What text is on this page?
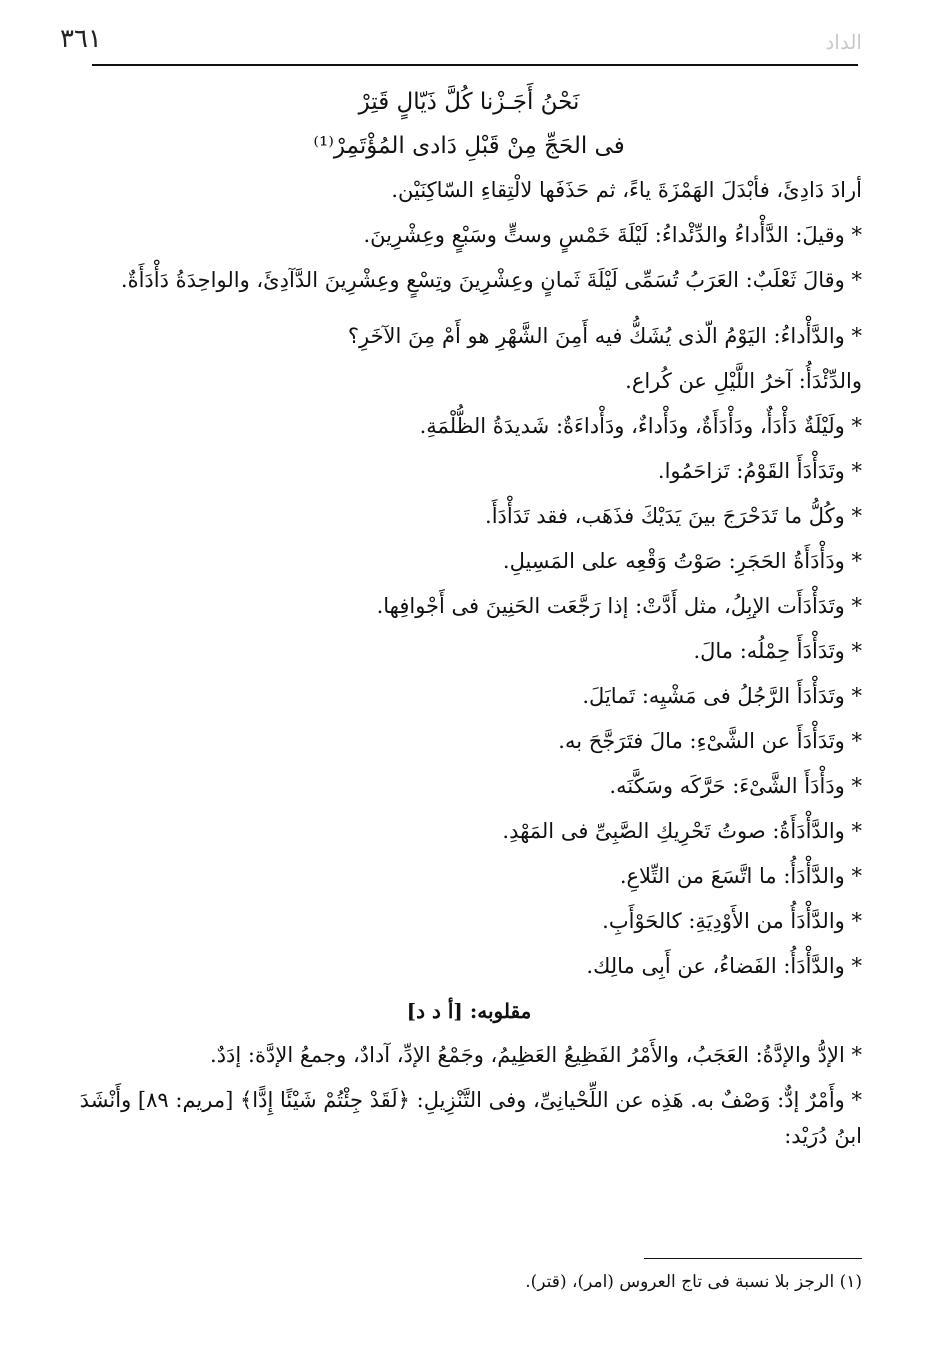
٣٦١	الداد
نَحْنُ أَجَـزْنا كُلَّ ذَيّالٍ قَتِرْ
فى الحَجِّ مِنْ قَبْلِ دَادى المُؤْتَمِرْ⁽¹⁾

أرادَ دَادِئَ، فأبْدَلَ الهَمْزَةَ ياءً، ثم حَذَفَها لالْتِقاءِ السّاكِنَيْن.

* وقيلَ: الدَّأْداءُ والدِّئْداءُ: لَيْلَةَ خَمْسٍ وستٍّ وسَبْعٍ وعِشْرِينَ.

* وقالَ ثَعْلَبٌ: العَرَبُ تُسَمِّى لَيْلَةَ ثَمانٍ وعِشْرِينَ وتِسْعٍ وعِشْرِينَ الدَّآدِئَ، والواحِدَةُ دَأْدَأَةٌ.

* والدَّأْداءُ: اليَوْمُ الّذى يُشَكُّ فيه أَمِنَ الشَّهْرِ هو أَمْ مِنَ الآخَرِ؟

والدِّئْدَأُ: آخرُ اللَّيْلِ عن كُراع.

* ولَيْلَةٌ دَأْدَأٌ، ودَأْدَأَةٌ، ودَأْداءٌ، ودَأْداءَةٌ: شَديدَةُ الظُّلْمَةِ.

* وتَدَأْدَأَ القَوْمُ: تَزاحَمُوا.

* وكُلُّ ما تَدَحْرَجَ بينَ يَدَيْكَ فذَهَب، فقد تَدَأْدَأَ.

* ودَأْدَأَةُ الحَجَرِ: صَوْتُ وَقْعِه على المَسِيلِ.

* وتَدَأْدَأَت الإبِلُ، مثل أَدَّتْ: إذا رَجَّعَت الحَنِينَ فى أَجْوافِها.

* وتَدَأْدَأَ حِمْلُه: مالَ.

* وتَدَأْدَأَ الرَّجُلُ فى مَشْيِه: تَمايَلَ.

* وتَدَأْدَأَ عن الشَّىْءِ: مالَ فتَرَجَّحَ به.

* ودَأْدَأَ الشَّىْءَ: حَرَّكَه وسَكَّنَه.

* والدَّأْدَأَةُ: صوتُ تَحْرِيكِ الصَّبِىِّ فى المَهْدِ.

* والدَّأْدَأُ: ما اتَّسَعَ من التِّلاعِ.

* والدَّأْدَأُ من الأَوْدِيَةِ: كالحَوْأَبِ.

* والدَّأْدَأُ: الفَضاءُ، عن أَبِى مالِك.

مقلوبه: [أ د د]

* الإدُّ والإدَّةُ: العَجَبُ، والأَمْرُ الفَظِيعُ العَظِيمُ، وجَمْعُ الإدِّ، آدادٌ، وجمعُ الإدَّة: إدَدٌ.

* وأَمْرٌ إدٌّ: وَصْفٌ به. هَذِه عن اللِّحْيانِىِّ، وفى التَّنْزِيلِ: ﴿لَقَدْ جِئْتُمْ شَيْئًا إِدًّا﴾ [مريم: ٨٩] وأَنْشَدَ ابنُ دُرَيْد:

(١) الرجز بلا نسبة فى تاج العروس (امر)، (قتر).
